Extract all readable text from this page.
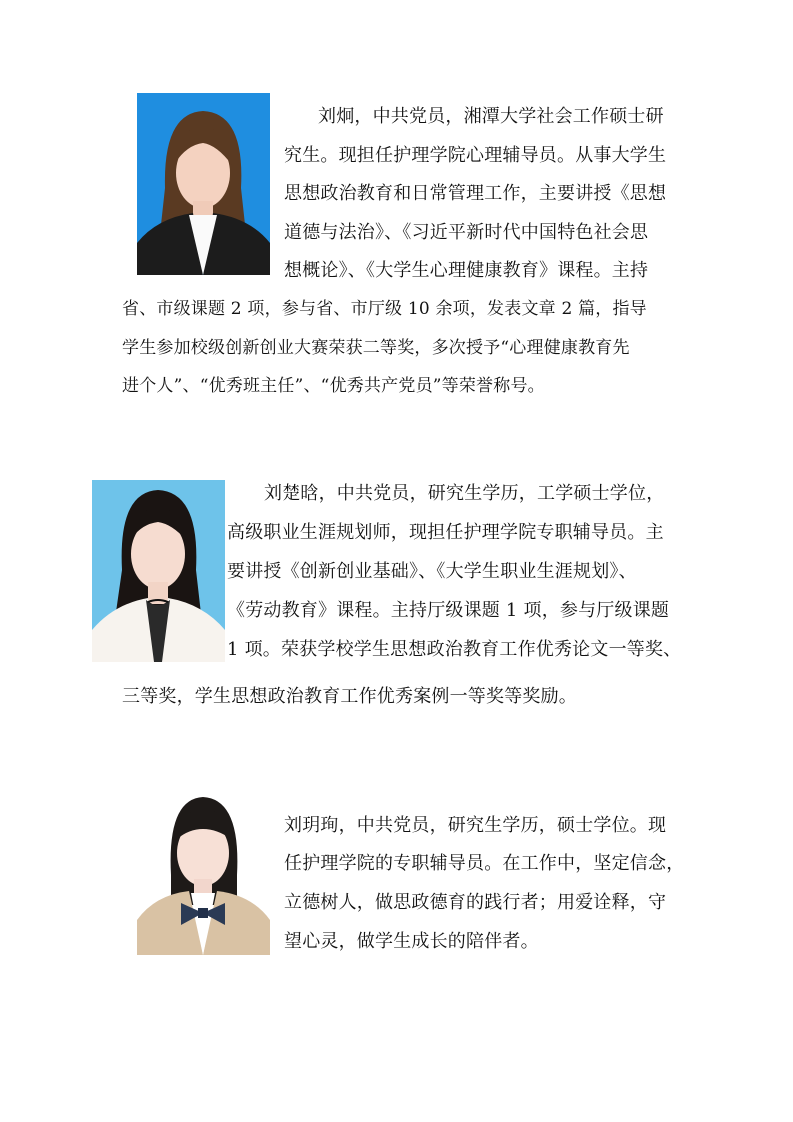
刘炯，中共党员，湘潭大学社会工作硕士研
究生。现担任护理学院心理辅导员。从事大学生
思想政治教育和日常管理工作，主要讲授《思想
道德与法治》、《习近平新时代中国特色社会思
想概论》、《大学生心理健康教育》课程。主持
省、市级课题 2 项，参与省、市厅级 10 余项，发表文章 2 篇，指导
学生参加校级创新创业大赛荣获二等奖，多次授予“心理健康教育先
进个人”、“优秀班主任”、“优秀共产党员”等荣誉称号。
刘楚晗，中共党员，研究生学历，工学硕士学位，
高级职业生涯规划师，现担任护理学院专职辅导员。主
要讲授《创新创业基础》、《大学生职业生涯规划》、
《劳动教育》课程。主持厅级课题 1 项，参与厅级课题
1 项。荣获学校学生思想政治教育工作优秀论文一等奖、
三等奖，学生思想政治教育工作优秀案例一等奖等奖励。
刘玥珣，中共党员，研究生学历，硕士学位。现
任护理学院的专职辅导员。在工作中，坚定信念，
立德树人，做思政德育的践行者；用爱诠释，守
望心灵，做学生成长的陪伴者。
